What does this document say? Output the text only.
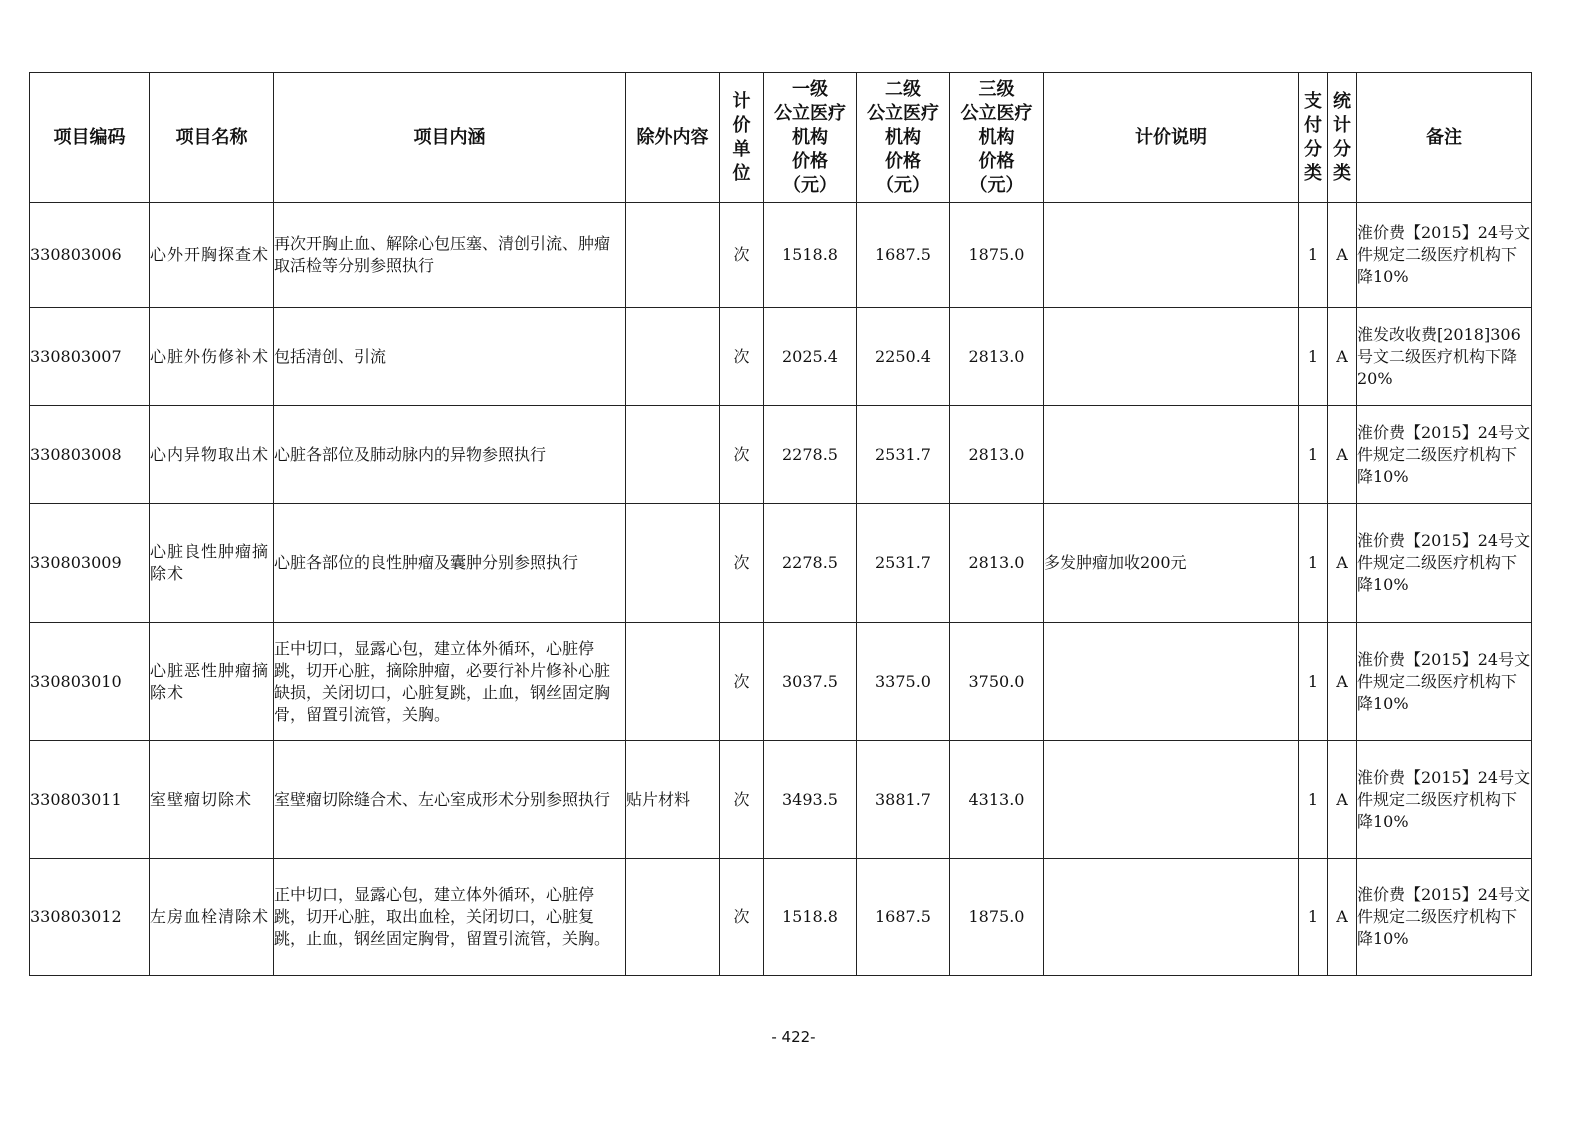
项目编码	项目名称	项目内涵	除外内容	计
价
单
位	一级
公立医疗
机构
价格
（元）	二级
公立医疗
机构
价格
（元）	三级
公立医疗
机构
价格
（元）	计价说明	支
付
分
类	统
计
分
类	备注
330803006	心外开胸探查术	再次开胸止血、解除心包压塞、清创引流、肿瘤取活检等分别参照执行		次	1518.8	1687.5	1875.0		1	A	淮价费【2015】24号文件规定二级医疗机构下降10%
330803007	心脏外伤修补术	包括清创、引流		次	2025.4	2250.4	2813.0		1	A	淮发改收费[2018]306号文二级医疗机构下降20%
330803008	心内异物取出术	心脏各部位及肺动脉内的异物参照执行		次	2278.5	2531.7	2813.0		1	A	淮价费【2015】24号文件规定二级医疗机构下降10%
330803009	心脏良性肿瘤摘除术	心脏各部位的良性肿瘤及囊肿分别参照执行		次	2278.5	2531.7	2813.0	多发肿瘤加收200元	1	A	淮价费【2015】24号文件规定二级医疗机构下降10%
330803010	心脏恶性肿瘤摘除术	正中切口，显露心包，建立体外循环，心脏停跳，切开心脏，摘除肿瘤，必要行补片修补心脏缺损，关闭切口，心脏复跳，止血，钢丝固定胸骨，留置引流管，关胸。		次	3037.5	3375.0	3750.0		1	A	淮价费【2015】24号文件规定二级医疗机构下降10%
330803011	室壁瘤切除术	室壁瘤切除缝合术、左心室成形术分别参照执行	贴片材料	次	3493.5	3881.7	4313.0		1	A	淮价费【2015】24号文件规定二级医疗机构下降10%
330803012	左房血栓清除术	正中切口，显露心包，建立体外循环，心脏停跳，切开心脏，取出血栓，关闭切口，心脏复跳，止血，钢丝固定胸骨，留置引流管，关胸。		次	1518.8	1687.5	1875.0		1	A	淮价费【2015】24号文件规定二级医疗机构下降10%
- 422-
